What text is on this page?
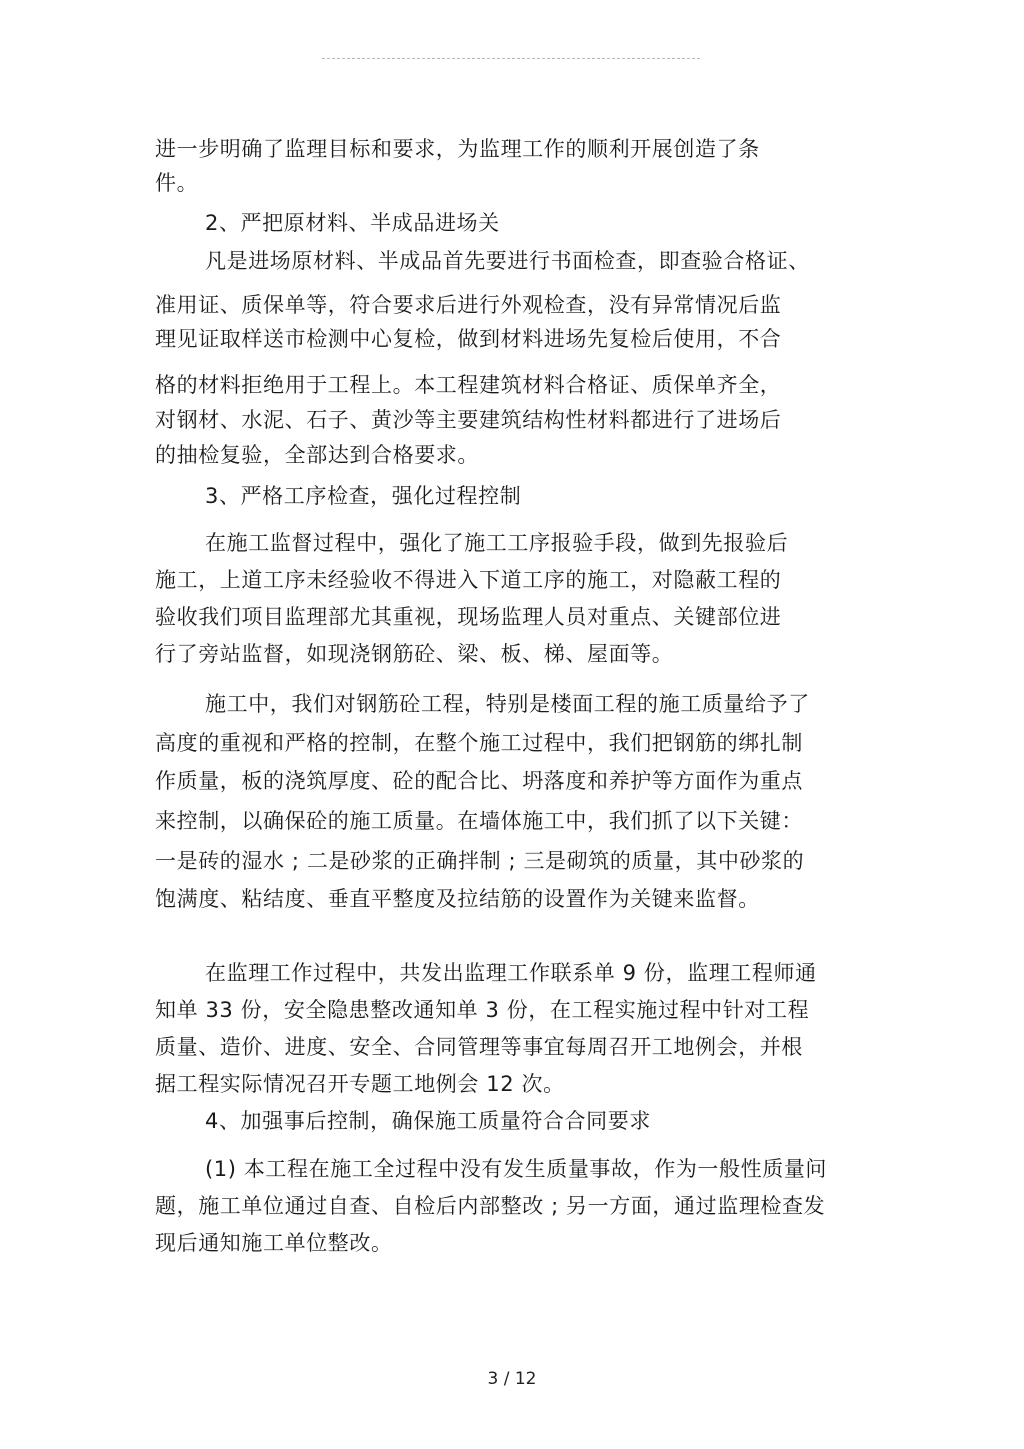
进一步明确了监理目标和要求，为监理工作的顺利开展创造了条
件。
2、严把原材料、半成品进场关
凡是进场原材料、半成品首先要进行书面检查，即查验合格证、
准用证、质保单等，符合要求后进行外观检查，没有异常情况后监
理见证取样送市检测中心复检，做到材料进场先复检后使用，不合
格的材料拒绝用于工程上。本工程建筑材料合格证、质保单齐全，
对钢材、水泥、石子、黄沙等主要建筑结构性材料都进行了进场后
的抽检复验，全部达到合格要求。
3、严格工序检查，强化过程控制
在施工监督过程中，强化了施工工序报验手段，做到先报验后
施工，上道工序未经验收不得进入下道工序的施工，对隐蔽工程的
验收我们项目监理部尤其重视，现场监理人员对重点、关键部位进
行了旁站监督，如现浇钢筋砼、梁、板、梯、屋面等。
施工中，我们对钢筋砼工程，特别是楼面工程的施工质量给予了
高度的重视和严格的控制，在整个施工过程中，我们把钢筋的绑扎制
作质量，板的浇筑厚度、砼的配合比、坍落度和养护等方面作为重点
来控制，以确保砼的施工质量。在墙体施工中，我们抓了以下关键：
一是砖的湿水 ; 二是砂浆的正确拌制 ; 三是砌筑的质量，其中砂浆的
饱满度、粘结度、垂直平整度及拉结筋的设置作为关键来监督。
在监理工作过程中，共发出监理工作联系单 9 份，监理工程师通
知单 33 份，安全隐患整改通知单 3 份，在工程实施过程中针对工程
质量、造价、进度、安全、合同管理等事宜每周召开工地例会，并根
据工程实际情况召开专题工地例会 12 次。
4、加强事后控制，确保施工质量符合合同要求
(1) 本工程在施工全过程中没有发生质量事故，作为一般性质量问
题，施工单位通过自查、自检后内部整改 ; 另一方面，通过监理检查发
现后通知施工单位整改。
3 / 12
